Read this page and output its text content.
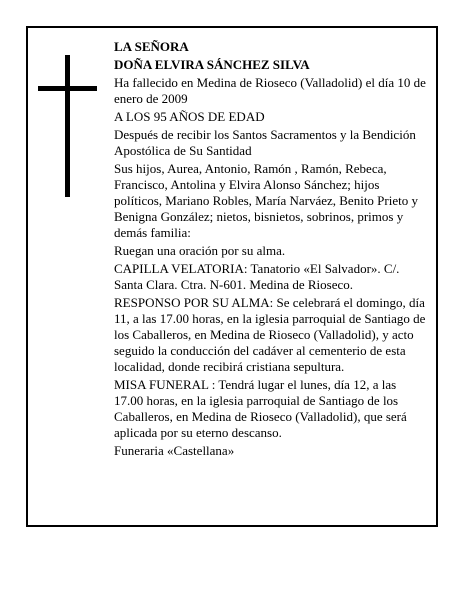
LA SEÑORA

DOÑA ELVIRA SÁNCHEZ SILVA

Ha fallecido en Medina de Rioseco (Valladolid) el día 10 de enero de 2009

A LOS 95 AÑOS DE EDAD

Después de recibir los Santos Sacramentos y la Bendición Apostólica de Su Santidad

Sus hijos, Aurea, Antonio, Ramón , Ramón, Rebeca, Francisco, Antolina y Elvira Alonso Sánchez; hijos políticos, Mariano Robles, María Narváez, Benito Prieto y Benigna González; nietos, bisnietos, sobrinos, primos y demás familia:

Ruegan una oración por su alma.

CAPILLA VELATORIA: Tanatorio «El Salvador». C/. Santa Clara. Ctra. N-601. Medina de Rioseco.

RESPONSO POR SU ALMA: Se celebrará el domingo, día 11, a las 17.00 horas, en la iglesia parroquial de Santiago de los Caballeros, en Medina de Rioseco (Valladolid), y acto seguido la conducción del cadáver al cementerio de esta localidad, donde recibirá cristiana sepultura.

MISA FUNERAL : Tendrá lugar el lunes, día 12, a las 17.00 horas, en la iglesia parroquial de Santiago de los Caballeros, en Medina de Rioseco (Valladolid), que será aplicada por su eterno descanso.

Funeraria «Castellana»
